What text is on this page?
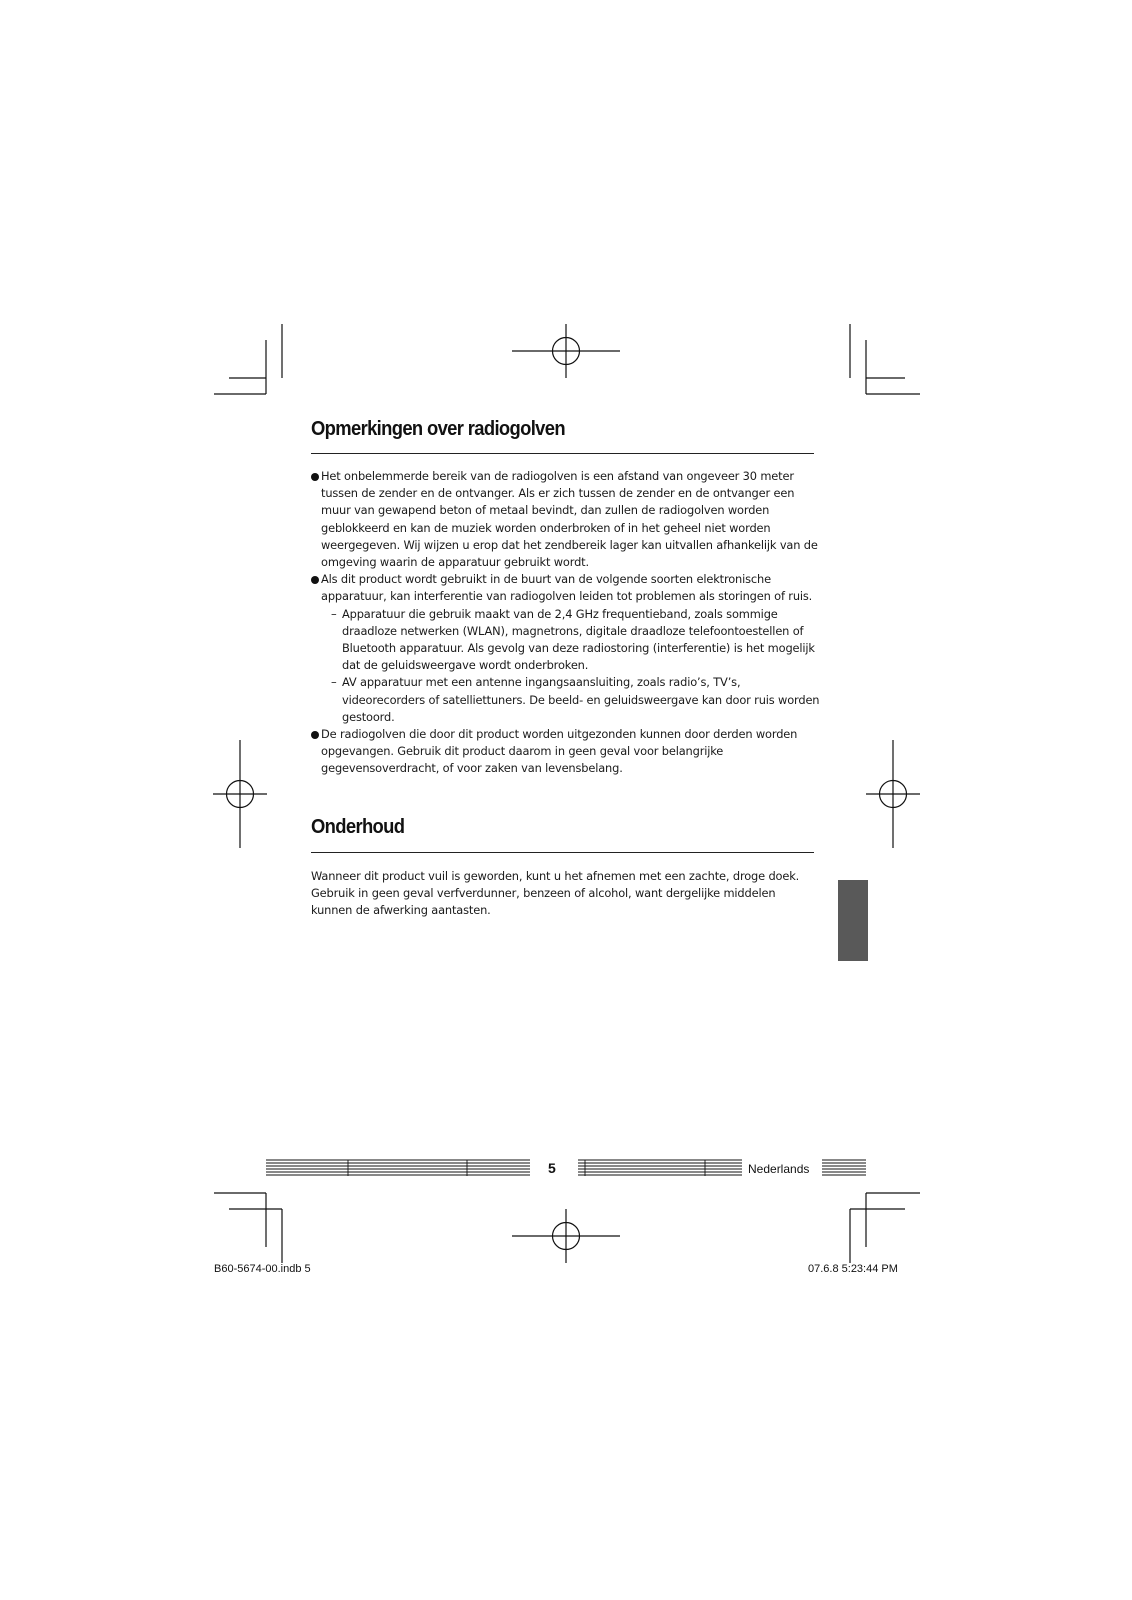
Opmerkingen over radiogolven
Het onbelemmerde bereik van de radiogolven is een afstand van ongeveer 30 meter tussen de zender en de ontvanger. Als er zich tussen de zender en de ontvanger een muur van gewapend beton of metaal bevindt, dan zullen de radiogolven worden geblokkeerd en kan de muziek worden onderbroken of in het geheel niet worden weergegeven. Wij wijzen u erop dat het zendbereik lager kan uitvallen afhankelijk van de omgeving waarin de apparatuur gebruikt wordt.
Als dit product wordt gebruikt in de buurt van de volgende soorten elektronische apparatuur, kan interferentie van radiogolven leiden tot problemen als storingen of ruis.
– Apparatuur die gebruik maakt van de 2,4 GHz frequentieband, zoals sommige draadloze netwerken (WLAN), magnetrons, digitale draadloze telefoontoestellen of Bluetooth apparatuur. Als gevolg van deze radiostoring (interferentie) is het mogelijk dat de geluidsweergave wordt onderbroken.
– AV apparatuur met een antenne ingangsaansluiting, zoals radio’s, TV’s, videorecorders of satelliettuners. De beeld- en geluidsweergave kan door ruis worden gestoord.
De radiogolven die door dit product worden uitgezonden kunnen door derden worden opgevangen. Gebruik dit product daarom in geen geval voor belangrijke gegevensoverdracht, of voor zaken van levensbelang.
Onderhoud

Wanneer dit product vuil is geworden, kunt u het afnemen met een zachte, droge doek. Gebruik in geen geval verfverdunner, benzeen of alcohol, want dergelijke middelen kunnen de afwerking aantasten.

5	Nederlands
B60-5674-00.indb 5	07.6.8 5:23:44 PM
